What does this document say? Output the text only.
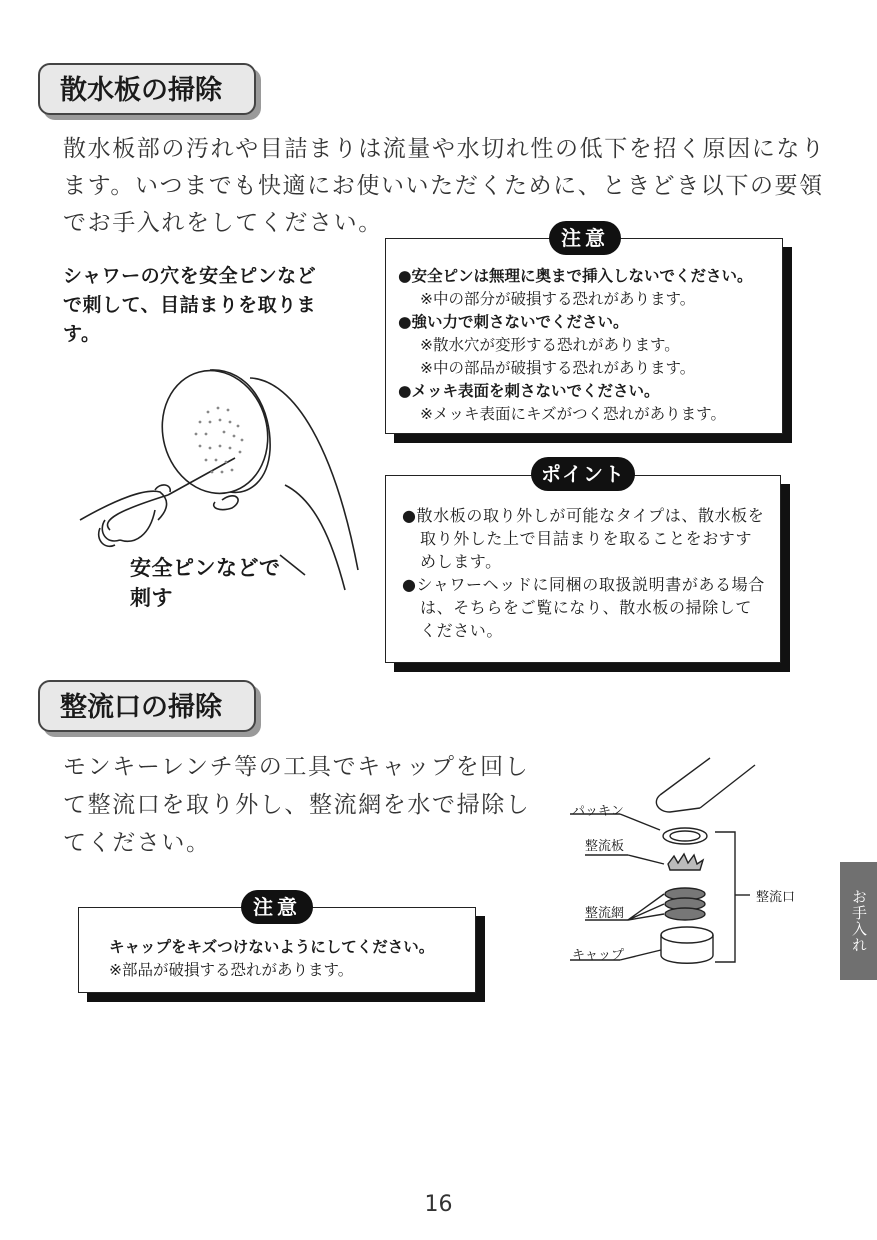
散水板の掃除
散水板部の汚れや目詰まりは流量や水切れ性の低下を招く原因になり
ます。いつまでも快適にお使いいただくために、ときどき以下の要領
でお手入れをしてください。
シャワーの穴を安全ピンなど
で刺して、目詰まりを取りま
す。
安全ピンなどで
刺す
注意
●安全ピンは無理に奥まで挿入しないでください。
※中の部分が破損する恐れがあります。
●強い力で刺さないでください。
※散水穴が変形する恐れがあります。
※中の部品が破損する恐れがあります。
●メッキ表面を刺さないでください。
※メッキ表面にキズがつく恐れがあります。
ポイント
●散水板の取り外しが可能なタイプは、散水板を取り外した上で目詰まりを取ることをおすすめします。
●シャワーヘッドに同梱の取扱説明書がある場合は、そちらをご覧になり、散水板の掃除してください。
整流口の掃除
モンキーレンチ等の工具でキャップを回し
て整流口を取り外し、整流網を水で掃除し
てください。
注意
キャップをキズつけないようにしてください。
※部品が破損する恐れがあります。
パッキン
整流板
整流網
キャップ
整流口	お手入れ
16
